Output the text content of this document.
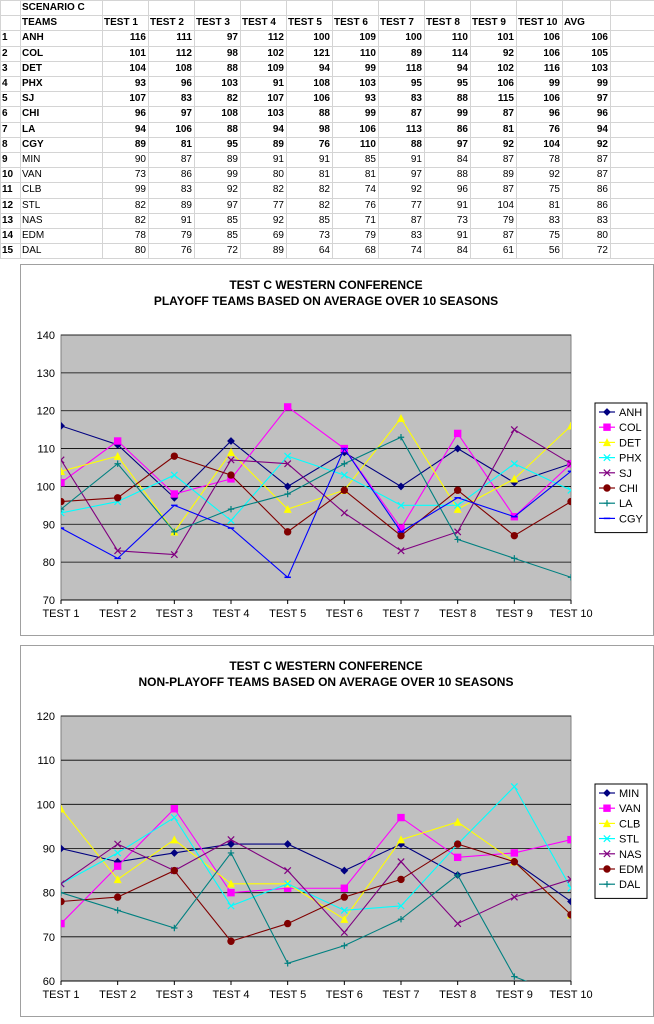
SCENARIO C
TEAMS	TEST 1	TEST 2	TEST 3	TEST 4	TEST 5	TEST 6	TEST 7	TEST 8	TEST 9	TEST 10 AVG
1	ANH	116	111	97	112	100	109	100	110	101	106	106
2	COL	101	112	98	102	121	110	89	114	92	106	105
3	DET	104	108	88	109	94	99	118	94	102	116	103
4	PHX	93	96	103	91	108	103	95	95	106	99	99
5	SJ	107	83	82	107	106	93	83	88	115	106	97
6	CHI	96	97	108	103	88	99	87	99	87	96	96
7	LA	94	106	88	94	98	106	113	86	81	76	94
8	CGY	89	81	95	89	76	110	88	97	92	104	92
9	MIN	90	87	89	91	91	85	91	84	87	78	87
10 VAN	73	86	99	80	81	81	97	88	89	92	87
11 CLB	99	83	92	82	82	74	92	96	87	75	86
12 STL	82	89	97	77	82	76	77	91	104	81	86
13 NAS	82	91	85	92	85	71	87	73	79	83	83
14 EDM	78	79	85	69	73	79	83	91	87	75	80
15 DAL	80	76	72	89	64	68	74	84	61	56	72
TEST C WESTERN CONFERENCE
PLAYOFF TEAMS BASED ON AVERAGE OVER 10 SEASONS
70
80
90
100
110
120
130
140
TEST 1 TEST 2 TEST 3 TEST 4 TEST 5 TEST 6 TEST 7 TEST 8 TEST 9 TEST 10
ANH
COL
DET
PHX
SJ
CHI
LA
CGY
TEST C WESTERN CONFERENCE
NON-PLAYOFF TEAMS BASED ON AVERAGE OVER 10 SEASONS
60
70
80
90
100
110
120
TEST 1 TEST 2 TEST 3 TEST 4 TEST 5 TEST 6 TEST 7 TEST 8 TEST 9 TEST 10
MIN
VAN
CLB
STL
NAS
EDM
DAL
